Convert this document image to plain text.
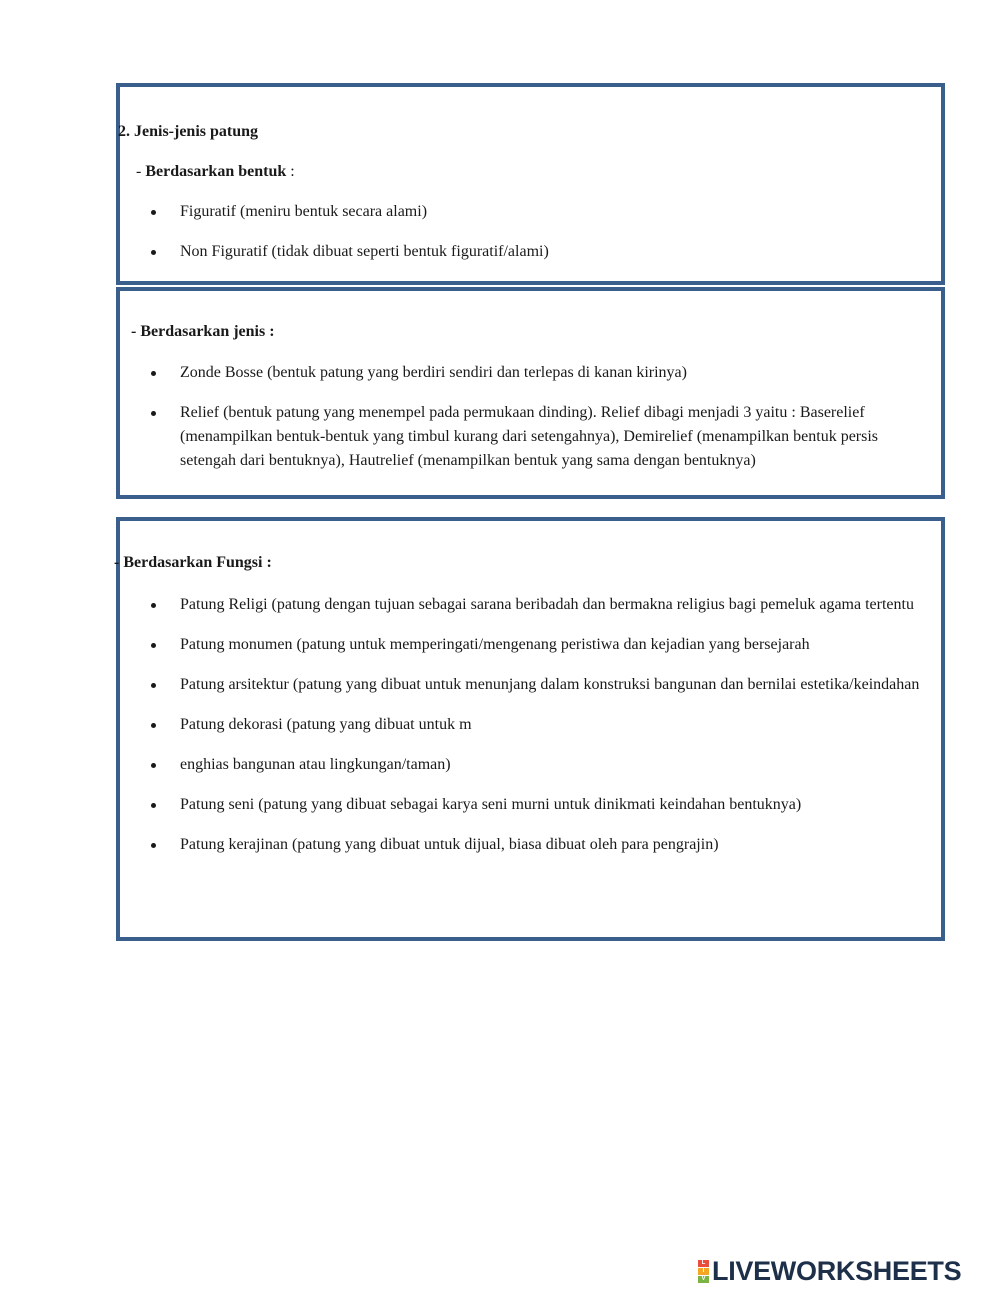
2. Jenis-jenis patung
- Berdasarkan bentuk :
Figuratif (meniru bentuk secara alami)
Non Figuratif (tidak dibuat seperti bentuk figuratif/alami)
- Berdasarkan jenis :
Zonde Bosse (bentuk patung yang berdiri sendiri dan terlepas di kanan kirinya)
Relief (bentuk patung yang menempel pada permukaan dinding). Relief dibagi menjadi 3 yaitu : Baserelief (menampilkan bentuk-bentuk yang timbul kurang dari setengahnya), Demirelief (menampilkan bentuk persis setengah dari bentuknya), Hautrelief (menampilkan bentuk yang sama dengan bentuknya)
- Berdasarkan Fungsi :
Patung Religi (patung dengan tujuan sebagai sarana beribadah dan bermakna religius bagi pemeluk agama tertentu
Patung monumen (patung untuk memperingati/mengenang peristiwa dan kejadian yang bersejarah
Patung arsitektur (patung yang dibuat untuk menunjang dalam konstruksi bangunan dan bernilai estetika/keindahan
Patung dekorasi (patung yang dibuat untuk m
enghias bangunan atau lingkungan/taman)
Patung seni (patung yang dibuat sebagai karya seni murni untuk dinikmati keindahan bentuknya)
Patung kerajinan (patung yang dibuat untuk dijual, biasa dibuat oleh para pengrajin)
L
I
V LIVEWORKSHEETS
